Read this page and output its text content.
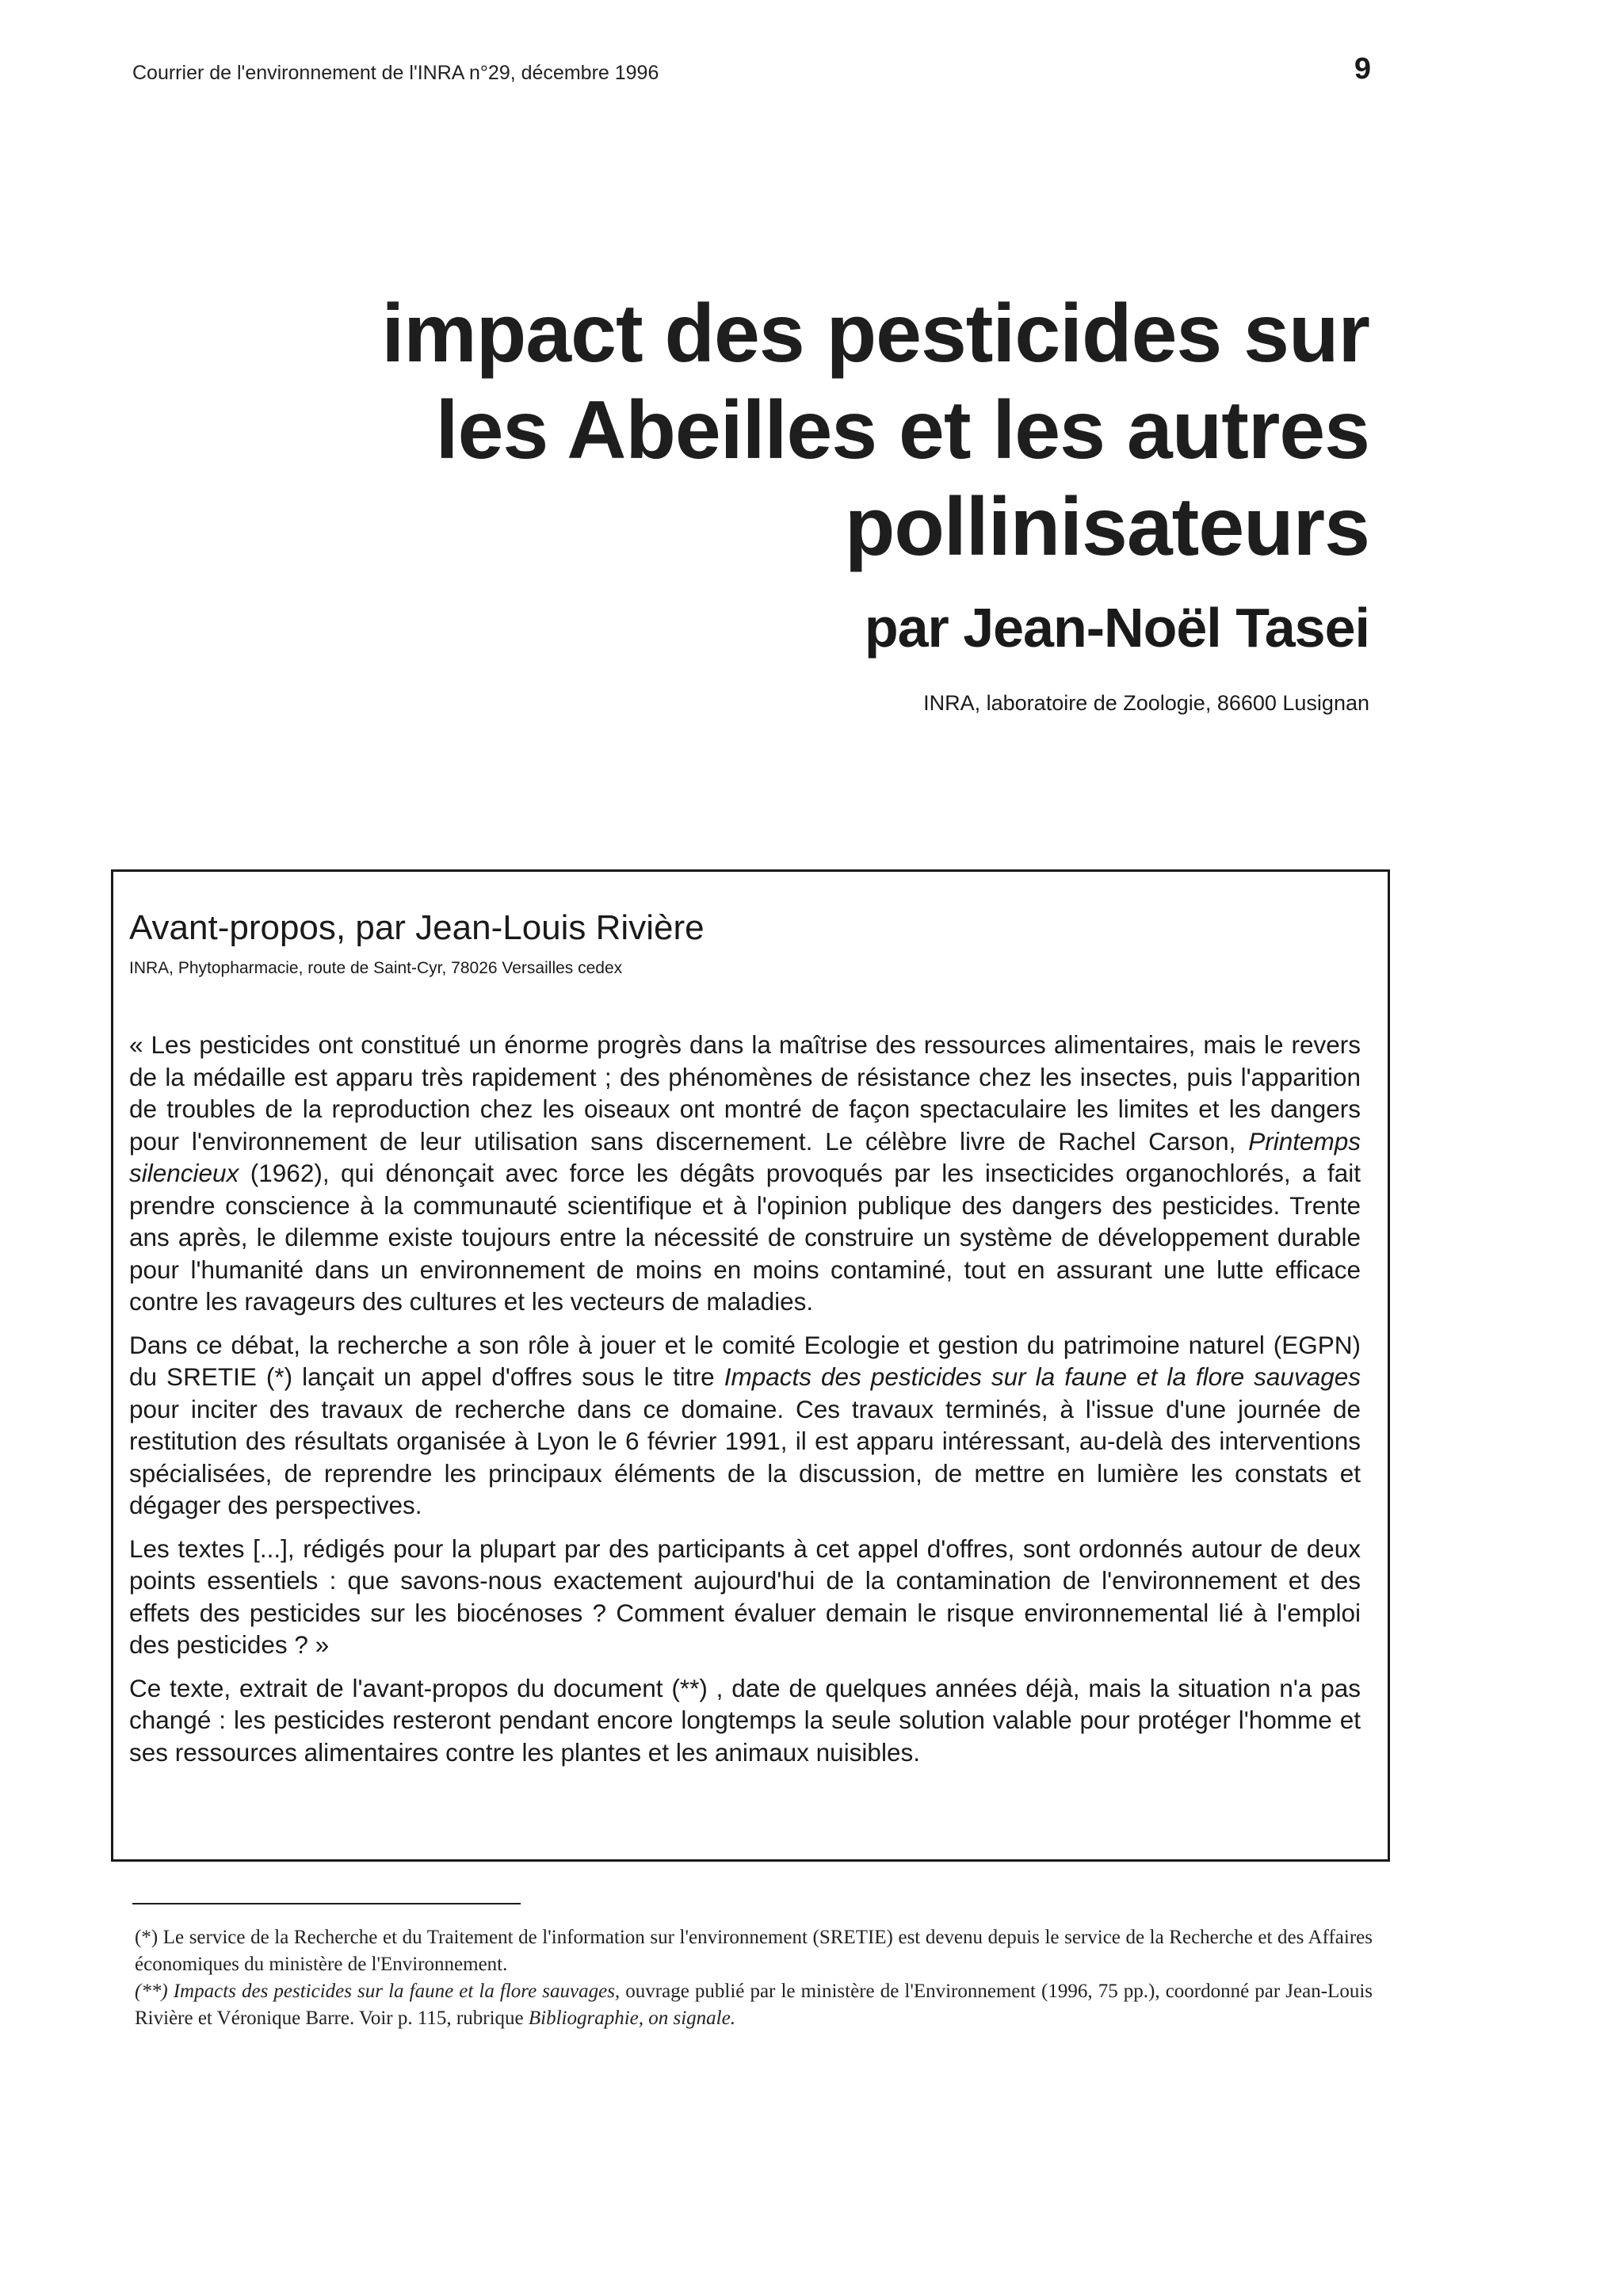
Courrier de l'environnement de l'INRA n°29, décembre 1996	9
impact des pesticides sur
les Abeilles et les autres
pollinisateurs
par Jean-Noël Tasei
INRA, laboratoire de Zoologie, 86600 Lusignan
Avant-propos, par Jean-Louis Rivière
INRA, Phytopharmacie, route de Saint-Cyr, 78026 Versailles cedex

« Les pesticides ont constitué un énorme progrès dans la maîtrise des ressources alimentaires, mais le revers de la médaille est apparu très rapidement ; des phénomènes de résistance chez les insectes, puis l'apparition de troubles de la reproduction chez les oiseaux ont montré de façon spectaculaire les limites et les dangers pour l'environnement de leur utilisation sans discernement. Le célèbre livre de Rachel Carson, Printemps silencieux (1962), qui dénonçait avec force les dégâts provoqués par les insecticides organochlorés, a fait prendre conscience à la communauté scientifique et à l'opinion publique des dangers des pesticides. Trente ans après, le dilemme existe toujours entre la nécessité de construire un système de développement durable pour l'humanité dans un environnement de moins en moins contaminé, tout en assurant une lutte efficace contre les ravageurs des cultures et les vecteurs de maladies.

Dans ce débat, la recherche a son rôle à jouer et le comité Ecologie et gestion du patrimoine naturel (EGPN) du SRETIE (*) lançait un appel d'offres sous le titre Impacts des pesticides sur la faune et la flore sauvages pour inciter des travaux de recherche dans ce domaine. Ces travaux terminés, à l'issue d'une journée de restitution des résultats organisée à Lyon le 6 février 1991, il est apparu intéressant, au-delà des interventions spécialisées, de reprendre les principaux éléments de la discussion, de mettre en lumière les constats et dégager des perspectives.

Les textes [...], rédigés pour la plupart par des participants à cet appel d'offres, sont ordonnés autour de deux points essentiels : que savons-nous exactement aujourd'hui de la contamination de l'environnement et des effets des pesticides sur les biocénoses ? Comment évaluer demain le risque environnemental lié à l'emploi des pesticides ? »

Ce texte, extrait de l'avant-propos du document (**) , date de quelques années déjà, mais la situation n'a pas changé : les pesticides resteront pendant encore longtemps la seule solution valable pour protéger l'homme et ses ressources alimentaires contre les plantes et les animaux nuisibles.

(*) Le service de la Recherche et du Traitement de l'information sur l'environnement (SRETIE) est devenu depuis le service de la Recherche et des Affaires économiques du ministère de l'Environnement.

(**) Impacts des pesticides sur la faune et la flore sauvages, ouvrage publié par le ministère de l'Environnement (1996, 75 pp.), coordonné par Jean-Louis Rivière et Véronique Barre. Voir p. 115, rubrique Bibliographie, on signale.
